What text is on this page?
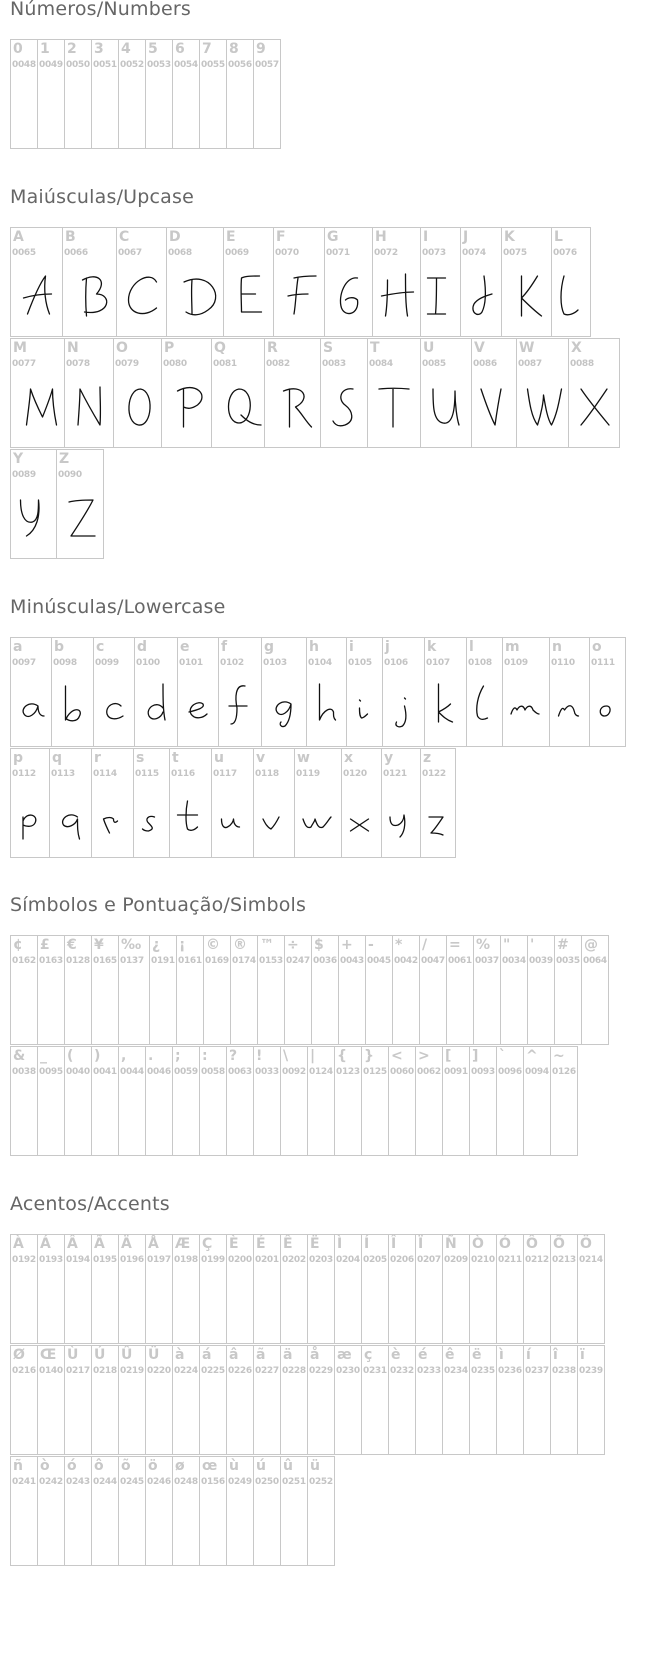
Números/Numbers
0
0048
1
0049
2
0050
3
0051
4
0052
5
0053
6
0054
7
0055
8
0056
9
0057
Maiúsculas/Upcase
A
0065
B
0066
C
0067
D
0068
E
0069
F
0070
G
0071
H
0072
I
0073
J
0074
K
0075
L
0076
M
0077
N
0078
O
0079
P
0080
Q
0081
R
0082
S
0083
T
0084
U
0085
V
0086
W
0087
X
0088
Y
0089
Z
0090
Minúsculas/Lowercase
a
0097
b
0098
c
0099
d
0100
e
0101
f
0102
g
0103
h
0104
i
0105
j
0106
k
0107
l
0108
m
0109
n
0110
o
0111
p
0112
q
0113
r
0114
s
0115
t
0116
u
0117
v
0118
w
0119
x
0120
y
0121
z
0122
Símbolos e Pontuação/Simbols
¢
0162
£
0163
€
0128
¥
0165
‰
0137
¿
0191
¡
0161
©
0169
®
0174
™
0153
÷
0247
$
0036
+
0043
-
0045
*
0042
/
0047
=
0061
%
0037
"
0034
'
0039
#
0035
@
0064
&
0038
_
0095
(
0040
)
0041
,
0044
.
0046
;
0059
:
0058
?
0063
!
0033
\
0092
|
0124
{
0123
}
0125
<
0060
>
0062
[
0091
]
0093
`
0096
^
0094
~
0126
Acentos/Accents
À
0192
Á
0193
Â
0194
Ã
0195
Ä
0196
Å
0197
Æ
0198
Ç
0199
È
0200
É
0201
Ê
0202
Ë
0203
Ì
0204
Í
0205
Î
0206
Ï
0207
Ñ
0209
Ò
0210
Ó
0211
Ô
0212
Õ
0213
Ö
0214
Ø
0216
Œ
0140
Ù
0217
Ú
0218
Û
0219
Ü
0220
à
0224
á
0225
â
0226
ã
0227
ä
0228
å
0229
æ
0230
ç
0231
è
0232
é
0233
ê
0234
ë
0235
ì
0236
í
0237
î
0238
ï
0239
ñ
0241
ò
0242
ó
0243
ô
0244
õ
0245
ö
0246
ø
0248
œ
0156
ù
0249
ú
0250
û
0251
ü
0252
